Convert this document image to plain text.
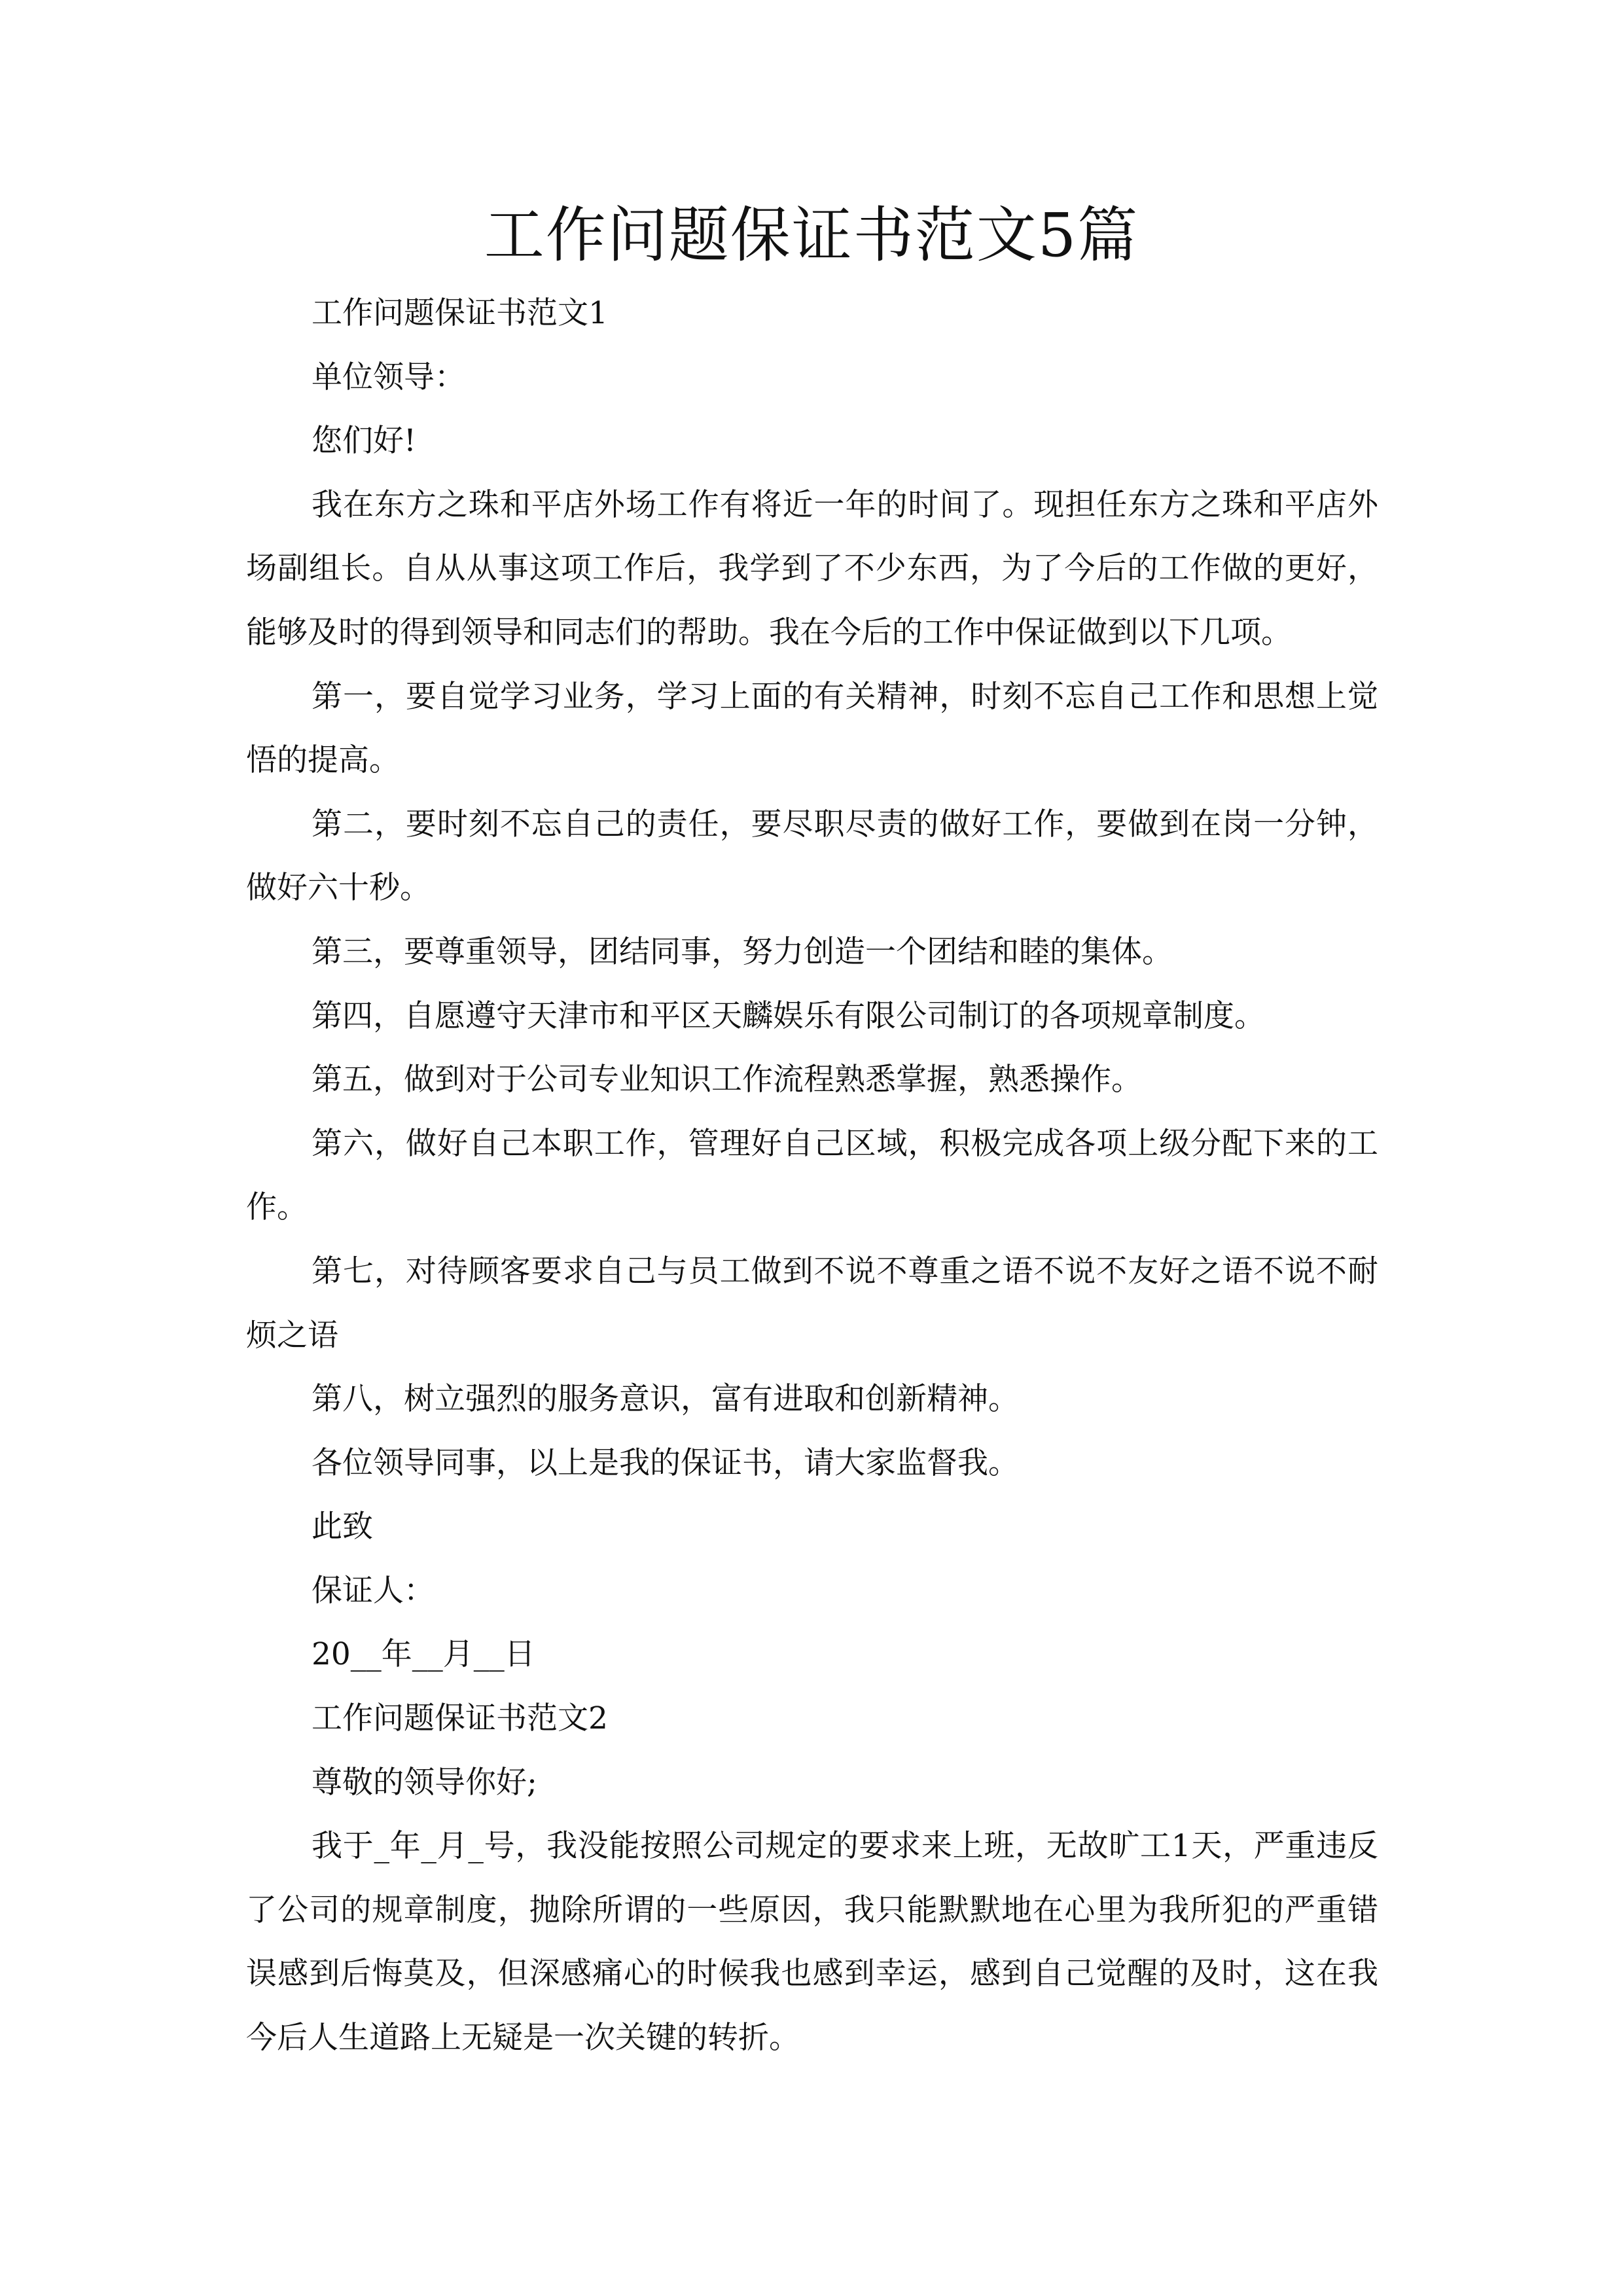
工作问题保证书范文5篇

工作问题保证书范文1

单位领导：

您们好!

我在东方之珠和平店外场工作有将近一年的时间了。现担任东方之珠和平店外场副组长。自从从事这项工作后，我学到了不少东西，为了今后的工作做的更好，能够及时的得到领导和同志们的帮助。我在今后的工作中保证做到以下几项。

第一，要自觉学习业务，学习上面的有关精神，时刻不忘自己工作和思想上觉悟的提高。

第二，要时刻不忘自己的责任，要尽职尽责的做好工作，要做到在岗一分钟，做好六十秒。

第三，要尊重领导，团结同事，努力创造一个团结和睦的集体。

第四，自愿遵守天津市和平区天麟娱乐有限公司制订的各项规章制度。

第五，做到对于公司专业知识工作流程熟悉掌握，熟悉操作。

第六，做好自己本职工作，管理好自己区域，积极完成各项上级分配下来的工作。

第七，对待顾客要求自己与员工做到不说不尊重之语不说不友好之语不说不耐烦之语

第八，树立强烈的服务意识，富有进取和创新精神。

各位领导同事，以上是我的保证书，请大家监督我。

此致

保证人：

20__年__月__日

工作问题保证书范文2

尊敬的领导你好;

我于_年_月_号，我没能按照公司规定的要求来上班，无故旷工1天，严重违反了公司的规章制度，抛除所谓的一些原因，我只能默默地在心里为我所犯的严重错误感到后悔莫及，但深感痛心的时候我也感到幸运，感到自己觉醒的及时，这在我今后人生道路上无疑是一次关键的转折。
